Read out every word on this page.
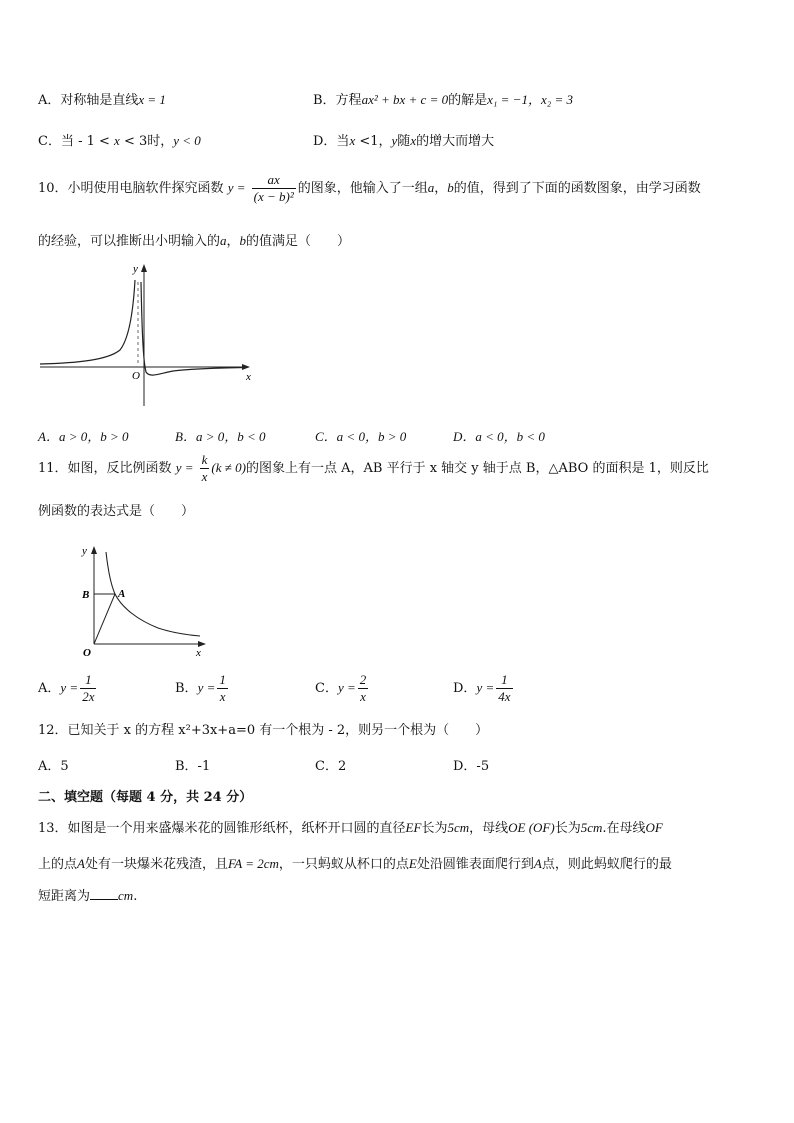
A．对称轴是直线x = 1	B．方程ax² + bx + c = 0的解是x₁ = −1，x₂ = 3
C．当 - 1 < x < 3时，y < 0	D．当x <1，y随x的增大而增大
10．小明使用电脑软件探究函数 $y = \frac{ax}{\text{(x − b)²}}$ 的图象，他输入了一组a，b的值，得到了下面的函数图象，由学习函数
的经验，可以推断出小明输入的a，b的值满足（　　）
y
x
O
A．a > 0，b > 0	B．a > 0，b < 0	C．a < 0，b > 0	D．a < 0，b < 0
11．如图，反比例函数 $y = \frac{k}{x} (k \ne 0)$的图象上有一点 A，AB 平行于 x 轴交 y 轴于点 B，△ABO 的面积是 1，则反比
例函数的表达式是（　　）
y
x
O
B	A
A．$y = \frac{1}{2x}$	B．$y = \frac{1}{x}$	C．$y = \frac{2}{x}$	D．$y = \frac{1}{4x}$
12．已知关于 x 的方程 x²+3x+a=0 有一个根为 - 2，则另一个根为（　　）
A．5	B．-1	C．2	D．-5
二、填空题（每题 4 分，共 24 分）
13．如图是一个用来盛爆米花的圆锥形纸杯，纸杯开口圆的直径EF长为5cm，母线OE (OF)长为5cm.在母线OF
上的点A处有一块爆米花残渣，且FA = 2cm，一只蚂蚁从杯口的点E处沿圆锥表面爬行到A点，则此蚂蚁爬行的最
短距离为 cm.
